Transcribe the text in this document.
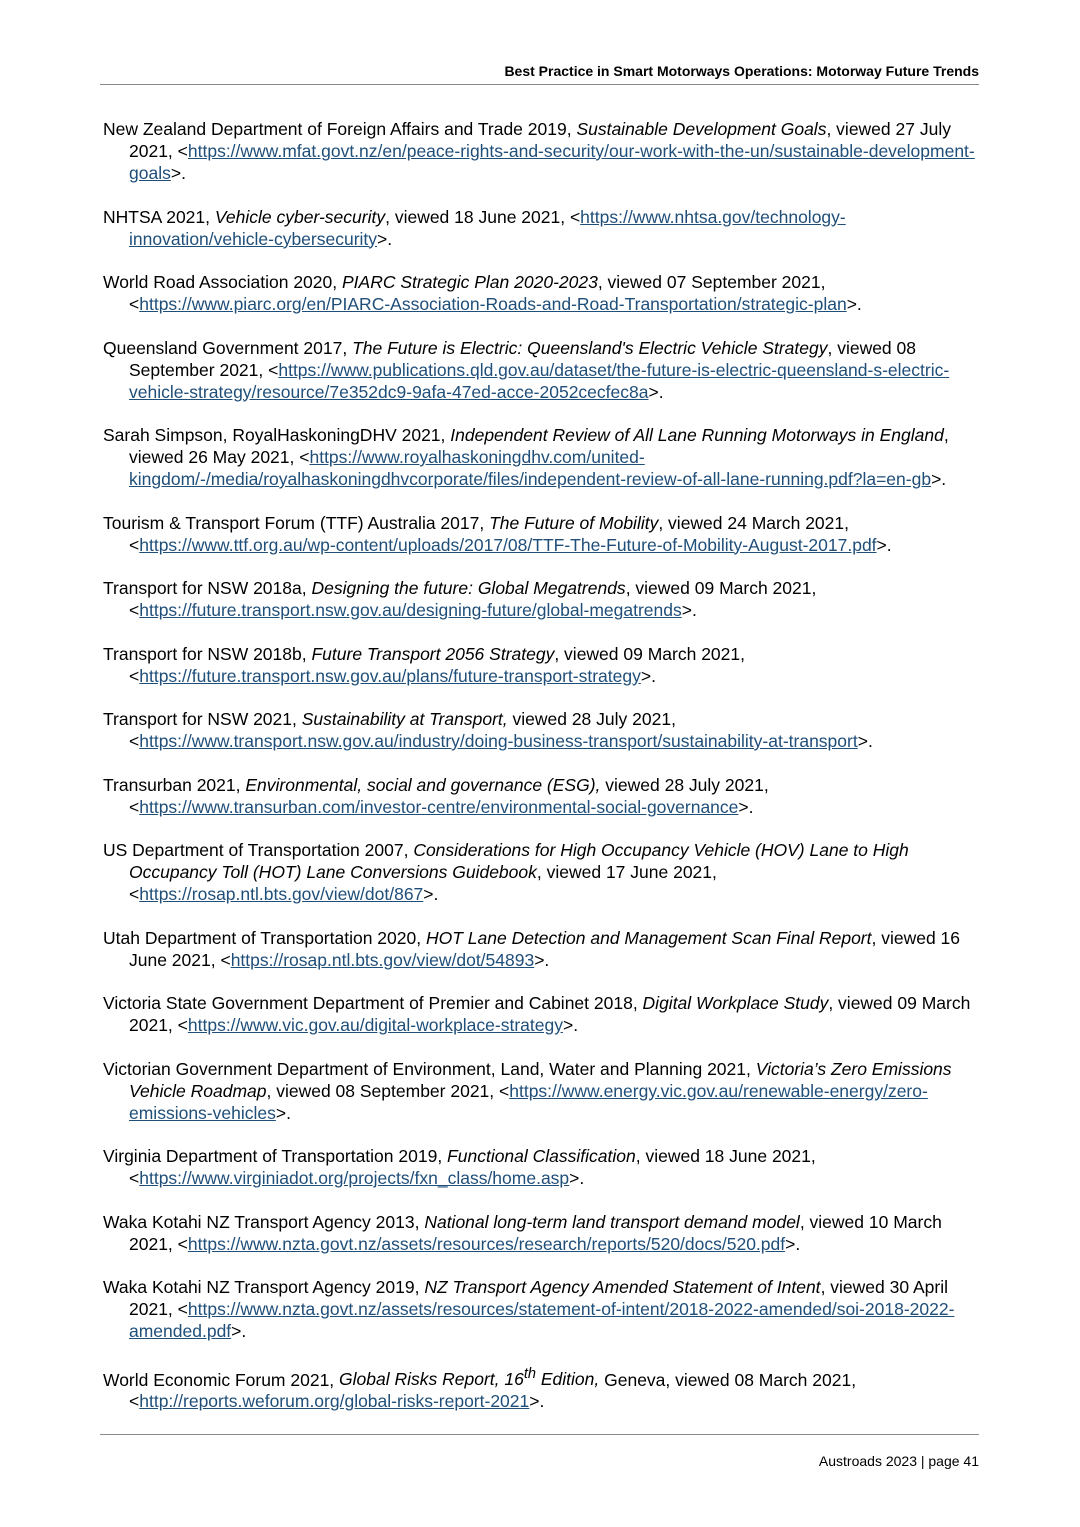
Best Practice in Smart Motorways Operations: Motorway Future Trends

New Zealand Department of Foreign Affairs and Trade 2019, Sustainable Development Goals, viewed 27 July 2021, <https://www.mfat.govt.nz/en/peace-rights-and-security/our-work-with-the-un/sustainable-development-goals>.

NHTSA 2021, Vehicle cyber-security, viewed 18 June 2021, <https://www.nhtsa.gov/technology-innovation/vehicle-cybersecurity>.

World Road Association 2020, PIARC Strategic Plan 2020-2023, viewed 07 September 2021, <https://www.piarc.org/en/PIARC-Association-Roads-and-Road-Transportation/strategic-plan>.

Queensland Government 2017, The Future is Electric: Queensland's Electric Vehicle Strategy, viewed 08 September 2021, <https://www.publications.qld.gov.au/dataset/the-future-is-electric-queensland-s-electric-vehicle-strategy/resource/7e352dc9-9afa-47ed-acce-2052cecfec8a>.

Sarah Simpson, RoyalHaskoningDHV 2021, Independent Review of All Lane Running Motorways in England, viewed 26 May 2021, <https://www.royalhaskoningdhv.com/united-kingdom/-/media/royalhaskoningdhvcorporate/files/independent-review-of-all-lane-running.pdf?la=en-gb>.

Tourism & Transport Forum (TTF) Australia 2017, The Future of Mobility, viewed 24 March 2021, <https://www.ttf.org.au/wp-content/uploads/2017/08/TTF-The-Future-of-Mobility-August-2017.pdf>.

Transport for NSW 2018a, Designing the future: Global Megatrends, viewed 09 March 2021, <https://future.transport.nsw.gov.au/designing-future/global-megatrends>.

Transport for NSW 2018b, Future Transport 2056 Strategy, viewed 09 March 2021, <https://future.transport.nsw.gov.au/plans/future-transport-strategy>.

Transport for NSW 2021, Sustainability at Transport, viewed 28 July 2021, <https://www.transport.nsw.gov.au/industry/doing-business-transport/sustainability-at-transport>.

Transurban 2021, Environmental, social and governance (ESG), viewed 28 July 2021, <https://www.transurban.com/investor-centre/environmental-social-governance>.

US Department of Transportation 2007, Considerations for High Occupancy Vehicle (HOV) Lane to High Occupancy Toll (HOT) Lane Conversions Guidebook, viewed 17 June 2021, <https://rosap.ntl.bts.gov/view/dot/867>.

Utah Department of Transportation 2020, HOT Lane Detection and Management Scan Final Report, viewed 16 June 2021, <https://rosap.ntl.bts.gov/view/dot/54893>.

Victoria State Government Department of Premier and Cabinet 2018, Digital Workplace Study, viewed 09 March 2021, <https://www.vic.gov.au/digital-workplace-strategy>.

Victorian Government Department of Environment, Land, Water and Planning 2021, Victoria’s Zero Emissions Vehicle Roadmap, viewed 08 September 2021, <https://www.energy.vic.gov.au/renewable-energy/zero-emissions-vehicles>.

Virginia Department of Transportation 2019, Functional Classification, viewed 18 June 2021, <https://www.virginiadot.org/projects/fxn_class/home.asp>.

Waka Kotahi NZ Transport Agency 2013, National long-term land transport demand model, viewed 10 March 2021, <https://www.nzta.govt.nz/assets/resources/research/reports/520/docs/520.pdf>.

Waka Kotahi NZ Transport Agency 2019, NZ Transport Agency Amended Statement of Intent, viewed 30 April 2021, <https://www.nzta.govt.nz/assets/resources/statement-of-intent/2018-2022-amended/soi-2018-2022-amended.pdf>.

World Economic Forum 2021, Global Risks Report, 16th Edition, Geneva, viewed 08 March 2021, <http://reports.weforum.org/global-risks-report-2021>.

Austroads 2023 | page 41
